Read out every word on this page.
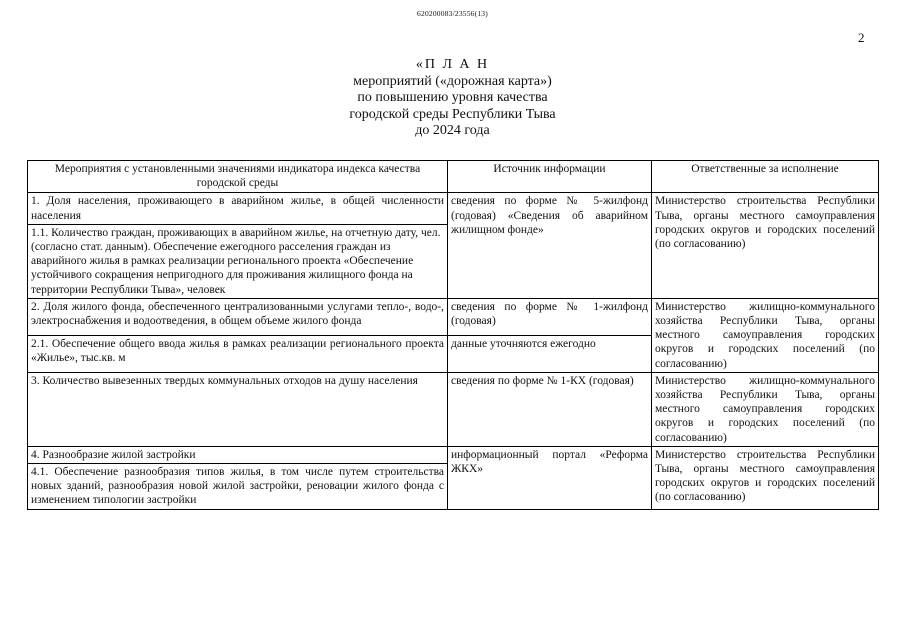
620200083/23556(13)
2
«П Л А Н
мероприятий («дорожная карта»)
по повышению уровня качества
городской среды Республики Тыва
до 2024 года
Мероприятия с установленными значениями индикатора индекса качества городской среды	Источник информации	Ответственные за исполнение
1. Доля населения, проживающего в аварийном жилье, в общей численности населения	сведения по форме № 5-жилфонд (годовая) «Сведения об аварийном жилищном фонде»	Министерство строительства Республики Тыва, органы местного самоуправления городских округов и городских поселений (по согласованию)
1.1. Количество граждан, проживающих в аварийном жилье, на отчетную дату, чел. (согласно стат. данным). Обеспечение ежегодного расселения граждан из аварийного жилья в рамках реализации регионального проекта «Обеспечение устойчивого сокращения непригодного для проживания жилищного фонда на территории Республики Тыва», человек		
2. Доля жилого фонда, обеспеченного централизованными услугами тепло-, водо-, электроснабжения и водоотведения, в общем объеме жилого фонда	сведения по форме № 1-жилфонд (годовая)	Министерство жилищно-коммунального хозяйства Республики Тыва, органы местного самоуправления городских округов и городских поселений (по согласованию)
2.1. Обеспечение общего ввода жилья в рамках реализации регионального проекта «Жилье», тыс.кв. м	данные уточняются ежегодно	
3. Количество вывезенных твердых коммунальных отходов на душу населения	сведения по форме № 1-КХ (годовая)	Министерство жилищно-коммунального хозяйства Республики Тыва, органы местного самоуправления городских округов и городских поселений (по согласованию)
4. Разнообразие жилой застройки	информационный портал «Реформа ЖКХ»	Министерство строительства Республики Тыва, органы местного самоуправления городских округов и городских поселений (по согласованию)
4.1. Обеспечение разнообразия типов жилья, в том числе путем строительства новых зданий, разнообразия новой жилой застройки, реновации жилого фонда с изменением типологии застройки		
